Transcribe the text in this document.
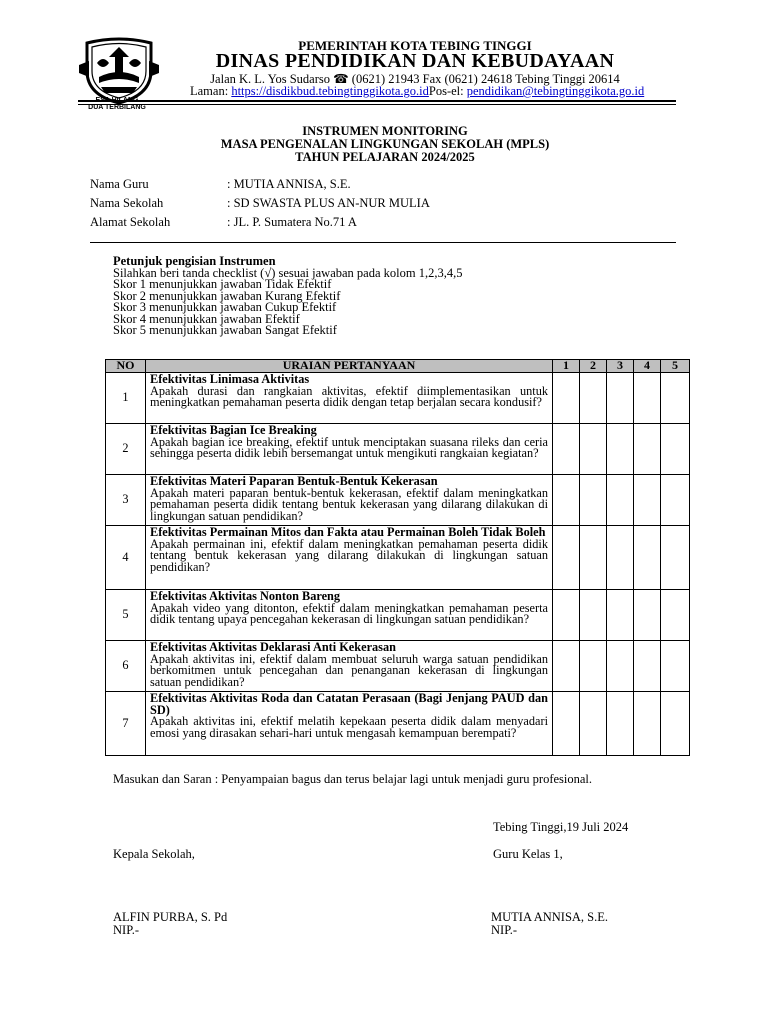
ESA HILANG
DUA TERBILANG
PEMERINTAH KOTA TEBING TINGGI
DINAS PENDIDIKAN DAN KEBUDAYAAN
Jalan K. L. Yos Sudarso ☎ (0621) 21943 Fax (0621) 24618 Tebing Tinggi 20614
Laman: https://disdikbud.tebingtinggikota.go.idPos-el: pendidikan@tebingtinggikota.go.id
INSTRUMEN MONITORING
MASA PENGENALAN LINGKUNGAN SEKOLAH (MPLS)
TAHUN PELAJARAN 2024/2025
Nama Guru	: MUTIA ANNISA, S.E.
Nama Sekolah	: SD SWASTA PLUS AN-NUR MULIA
Alamat Sekolah	: JL. P. Sumatera No.71 A
Petunjuk pengisian Instrumen
Silahkan beri tanda checklist (√) sesuai jawaban pada kolom 1,2,3,4,5
Skor 1 menunjukkan jawaban Tidak Efektif
Skor 2 menunjukkan jawaban Kurang Efektif
Skor 3 menunjukkan jawaban Cukup Efektif
Skor 4 menunjukkan jawaban Efektif
Skor 5 menunjukkan jawaban Sangat Efektif
NO	URAIAN PERTANYAAN	1	2	3	4	5
1	Efektivitas Linimasa Aktivitas
Apakah durasi dan rangkaian aktivitas, efektif diimplementasikan untuk meningkatkan pemahaman peserta didik dengan tetap berjalan secara kondusif?					
2	Efektivitas Bagian Ice Breaking
Apakah bagian ice breaking, efektif untuk menciptakan suasana rileks dan ceria sehingga peserta didik lebih bersemangat untuk mengikuti rangkaian kegiatan?					
3	Efektivitas Materi Paparan Bentuk-Bentuk Kekerasan
Apakah materi paparan bentuk-bentuk kekerasan, efektif dalam meningkatkan pemahaman peserta didik tentang bentuk kekerasan yang dilarang dilakukan di lingkungan satuan pendidikan?					
4	Efektivitas Permainan Mitos dan Fakta atau Permainan Boleh Tidak Boleh
Apakah permainan ini, efektif dalam meningkatkan pemahaman peserta didik tentang bentuk kekerasan yang dilarang dilakukan di lingkungan satuan pendidikan?					
5	Efektivitas Aktivitas Nonton Bareng
Apakah video yang ditonton, efektif dalam meningkatkan pemahaman peserta didik tentang upaya pencegahan kekerasan di lingkungan satuan pendidikan?					
6	Efektivitas Aktivitas Deklarasi Anti Kekerasan
Apakah aktivitas ini, efektif dalam membuat seluruh warga satuan pendidikan berkomitmen untuk pencegahan dan penanganan kekerasan di lingkungan satuan pendidikan?					
7	Efektivitas Aktivitas Roda dan Catatan Perasaan (Bagi Jenjang PAUD dan SD)
Apakah aktivitas ini, efektif melatih kepekaan peserta didik dalam menyadari emosi yang dirasakan sehari-hari untuk mengasah kemampuan berempati?					
Masukan dan Saran : Penyampaian bagus dan terus belajar lagi untuk menjadi guru profesional.
Tebing Tinggi,19 Juli 2024
Kepala Sekolah,	Guru Kelas 1,
ALFIN PURBA, S. Pd
NIP.-
MUTIA ANNISA, S.E.
NIP.-
